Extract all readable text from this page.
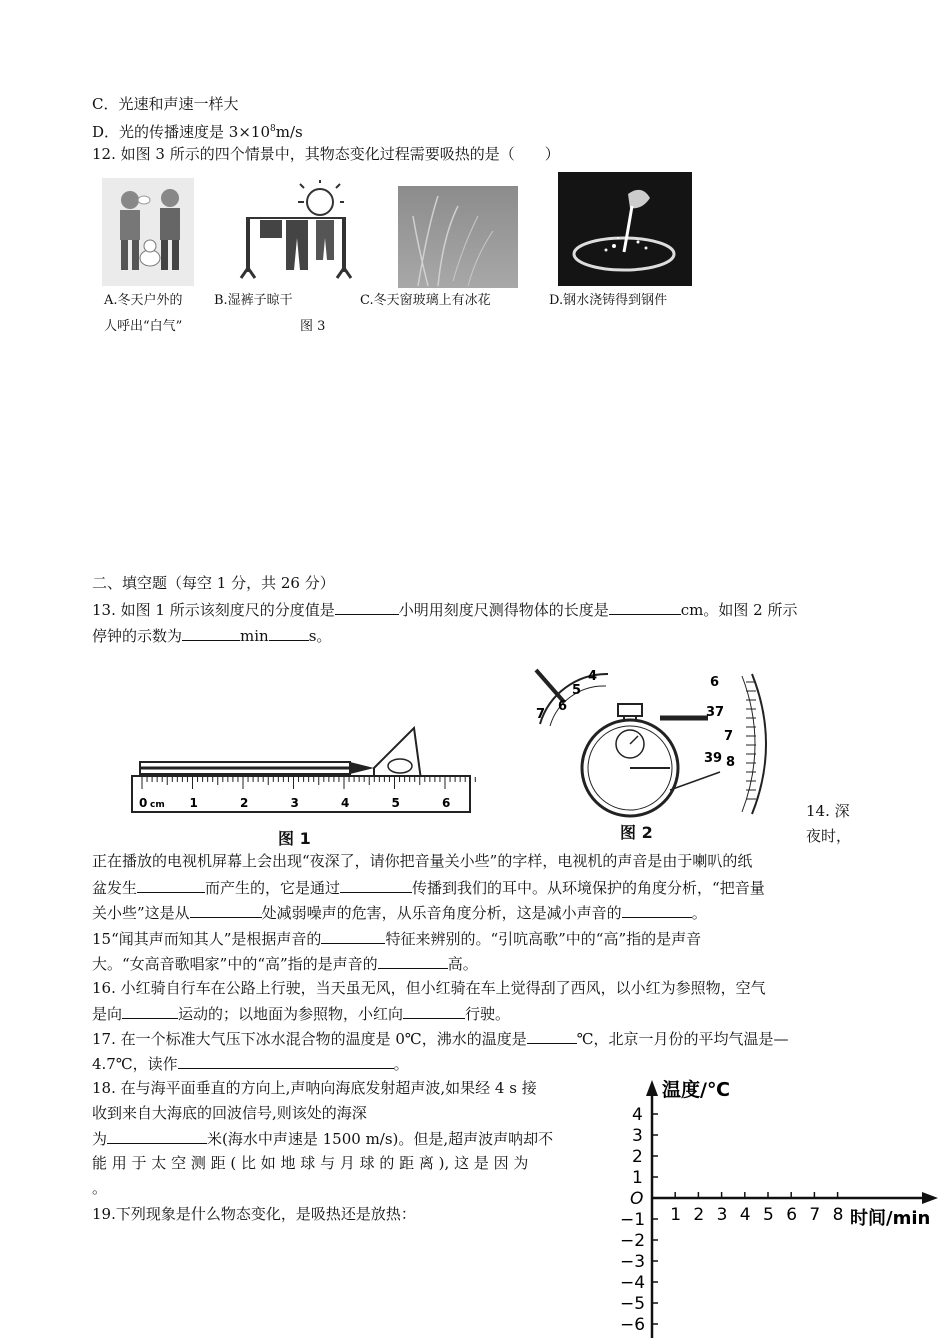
C．光速和声速一样大
D．光的传播速度是 $3\times 10^8m/s$
12. 如图 3 所示的四个情景中，其物态变化过程需要吸热的是（　　）
A.冬天户外的 B.湿裤子晾干	C.冬天窗玻璃上有冰花	D.钢水浇铸得到钢件
人呼出“白气”	图 3
二、填空题（每空 1 分，共 26 分）
13. 如图 1 所示该刻度尺的分度值是	小明用刻度尺测得物体的长度是	cm。如图 2 所示
停钟的示数为	min	s。
0	1	2	3	4	5	6
cm
图 1
4
5
6
7
6
37
7
8
39
图 2
14. 深
夜时，
正在播放的电视机屏幕上会出现“夜深了，请你把音量关小些”的字样，电视机的声音是由于喇叭的纸
盆发生	而产生的，它是通过	传播到我们的耳中。从环境保护的角度分析，“把音量
关小些”这是从	处减弱噪声的危害，从乐音角度分析，这是减小声音的	。
15“闻其声而知其人”是根据声音的	特征来辨别的。“引吭高歌”中的“高”指的是声音
大。“女高音歌唱家”中的“高”指的是声音的	高。
16. 小红骑自行车在公路上行驶，当天虽无风，但小红骑在车上觉得刮了西风，以小红为参照物，空气
是向	运动的；以地面为参照物，小红向	行驶。
17. 在一个标准大气压下冰水混合物的温度是 0℃，沸水的温度是	℃，北京一月份的平均气温是—
4.7℃，读作	。
18. 在与海平面垂直的方向上,声呐向海底发射超声波,如果经 4 s 接
收到来自大海底的回波信号,则该处的海深
为	米(海水中声速是 1500 m/s)。但是,超声波声呐却不
能 用 于 太 空 测 距 ( 比 如 地 球 与 月 球 的 距 离 ), 这 是 因 为
。
19.下列现象是什么物态变化，是吸热还是放热：
温度/℃
O
时间/min
4
3
2
1
−1
−2
−3
−4
−5
−6
1 2 3 4 5 6 7 8
